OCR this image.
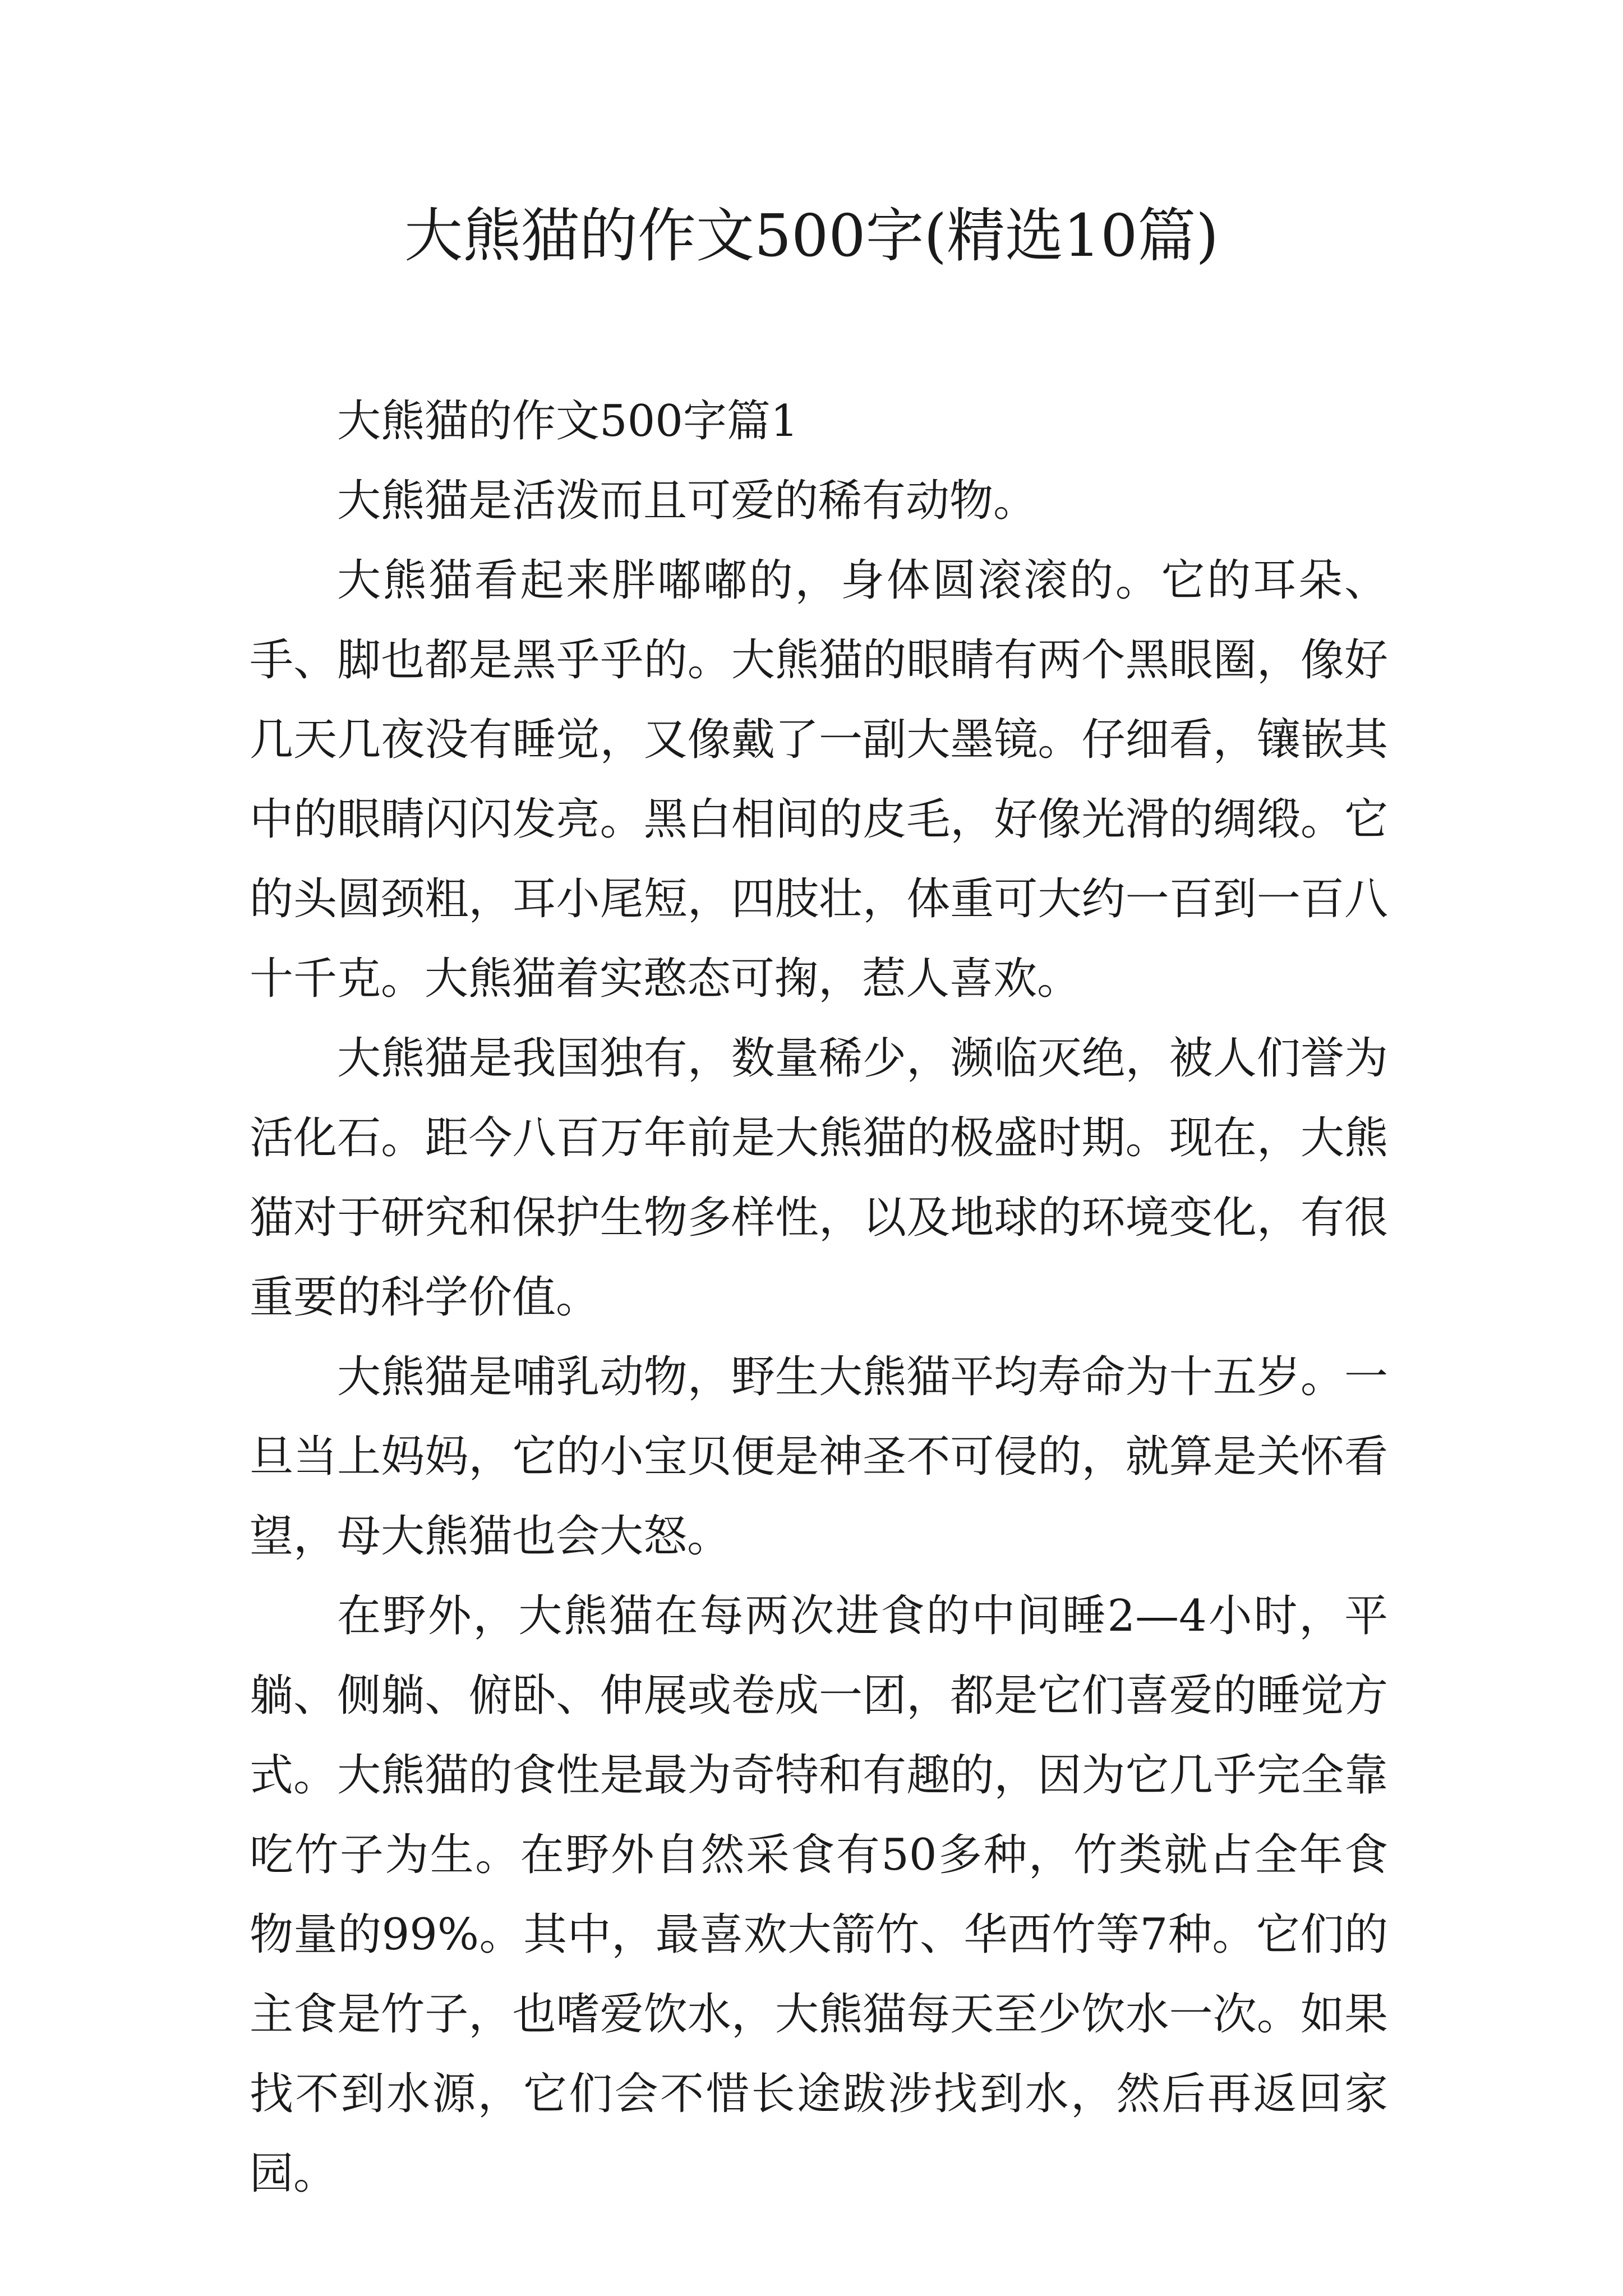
大熊猫的作文500字(精选10篇)

大熊猫的作文500字篇1

大熊猫是活泼而且可爱的稀有动物。

大熊猫看起来胖嘟嘟的，身体圆滚滚的。它的耳朵、手、脚也都是黑乎乎的。大熊猫的眼睛有两个黑眼圈，像好几天几夜没有睡觉，又像戴了一副大墨镜。仔细看，镶嵌其中的眼睛闪闪发亮。黑白相间的皮毛，好像光滑的绸缎。它的头圆颈粗，耳小尾短，四肢壮，体重可大约一百到一百八十千克。大熊猫着实憨态可掬，惹人喜欢。

大熊猫是我国独有，数量稀少，濒临灭绝，被人们誉为活化石。距今八百万年前是大熊猫的极盛时期。现在，大熊猫对于研究和保护生物多样性，以及地球的环境变化，有很重要的科学价值。

大熊猫是哺乳动物，野生大熊猫平均寿命为十五岁。一旦当上妈妈，它的小宝贝便是神圣不可侵的，就算是关怀看望，母大熊猫也会大怒。

在野外，大熊猫在每两次进食的中间睡2—4小时，平躺、侧躺、俯卧、伸展或卷成一团，都是它们喜爱的睡觉方式。大熊猫的食性是最为奇特和有趣的，因为它几乎完全靠吃竹子为生。在野外自然采食有50多种，竹类就占全年食物量的99%。其中，最喜欢大箭竹、华西竹等7种。它们的主食是竹子，也嗜爱饮水，大熊猫每天至少饮水一次。如果找不到水源，它们会不惜长途跋涉找到水，然后再返回家园。
